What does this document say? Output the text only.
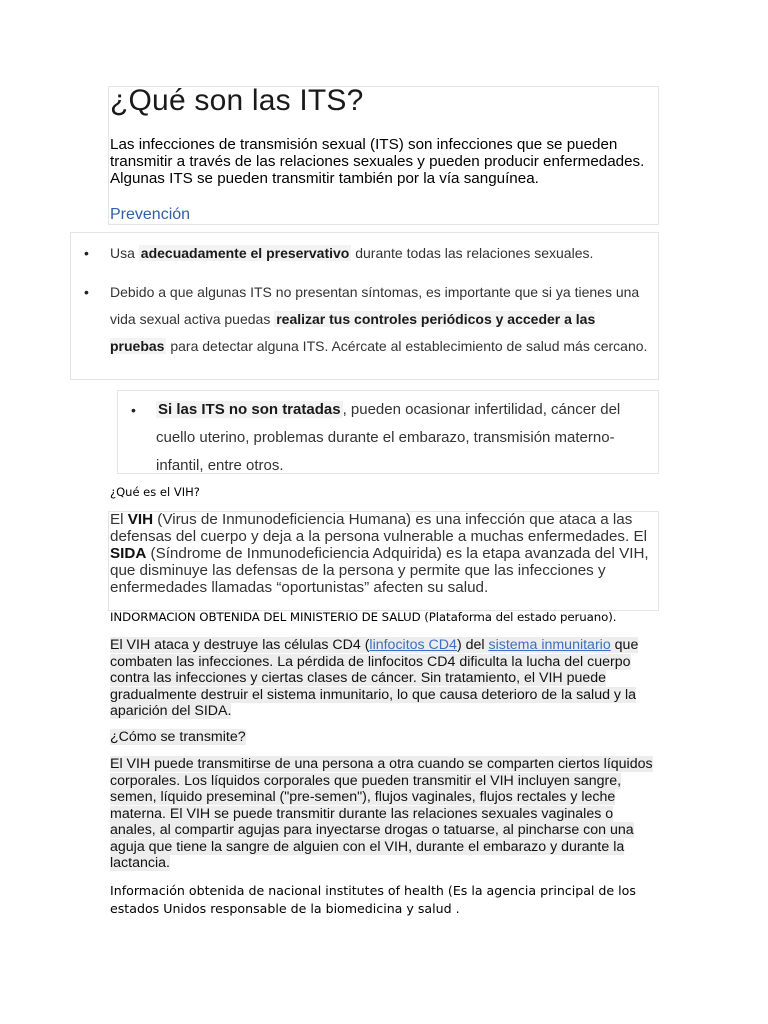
¿Qué son las ITS?

Las infecciones de transmisión sexual (ITS) son infecciones que se pueden transmitir a través de las relaciones sexuales y pueden producir enfermedades. Algunas ITS se pueden transmitir también por la vía sanguínea.

Prevención
• Usa adecuadamente el preservativo durante todas las relaciones sexuales.
• Debido a que algunas ITS no presentan síntomas, es importante que si ya tienes una vida sexual activa puedas realizar tus controles periódicos y acceder a las pruebas para detectar alguna ITS. Acércate al establecimiento de salud más cercano.
• Si las ITS no son tratadas , pueden ocasionar infertilidad, cáncer del cuello uterino, problemas durante el embarazo, transmisión materno-infantil, entre otros.

¿Qué es el VIH?

El VIH (Virus de Inmunodeficiencia Humana) es una infección que ataca a las defensas del cuerpo y deja a la persona vulnerable a muchas enfermedades. El SIDA (Síndrome de Inmunodeficiencia Adquirida) es la etapa avanzada del VIH, que disminuye las defensas de la persona y permite que las infecciones y enfermedades llamadas “oportunistas” afecten su salud.

INDORMACION OBTENIDA DEL MINISTERIO DE SALUD (Plataforma del estado peruano).

El VIH ataca y destruye las células CD4 (linfocitos CD4) del sistema inmunitario que combaten las infecciones. La pérdida de linfocitos CD4 dificulta la lucha del cuerpo contra las infecciones y ciertas clases de cáncer. Sin tratamiento, el VIH puede gradualmente destruir el sistema inmunitario, lo que causa deterioro de la salud y la aparición del SIDA.

¿Cómo se transmite?

El VIH puede transmitirse de una persona a otra cuando se comparten ciertos líquidos corporales. Los líquidos corporales que pueden transmitir el VIH incluyen sangre, semen, líquido preseminal ("pre-semen"), flujos vaginales, flujos rectales y leche materna. El VIH se puede transmitir durante las relaciones sexuales vaginales o anales, al compartir agujas para inyectarse drogas o tatuarse, al pincharse con una aguja que tiene la sangre de alguien con el VIH, durante el embarazo y durante la lactancia.

Información obtenida de nacional institutes of health (Es la agencia principal de los estados Unidos responsable de la biomedicina y salud .
